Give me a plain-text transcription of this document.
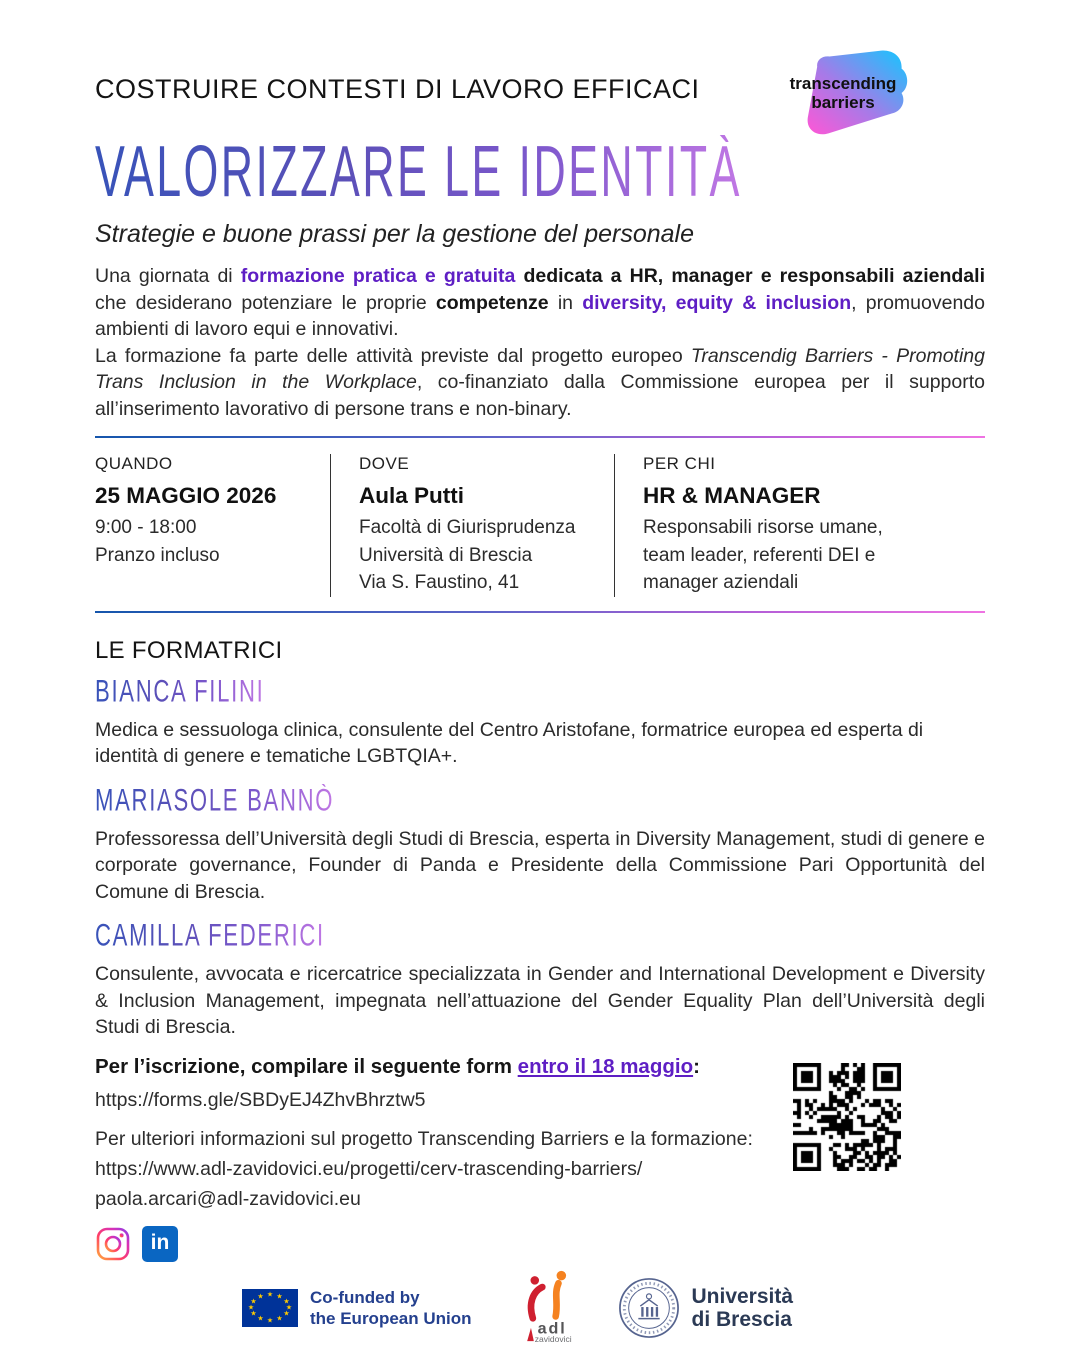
COSTRUIRE CONTESTI DI LAVORO EFFICACI	transcending
barriers
VALORIZZARE LE IDENTITÀ
Strategie e buone prassi per la gestione del personale

Una giornata di formazione pratica e gratuita dedicata a HR, manager e responsabili aziendali che desiderano potenziare le proprie competenze in diversity, equity & inclusion, promuovendo ambienti di lavoro equi e innovativi.

La formazione fa parte delle attività previste dal progetto europeo Transcendig Barriers - Promoting Trans Inclusion in the Workplace, co-finanziato dalla Commissione europea per il supporto all’inserimento lavorativo di persone trans e non-binary.

QUANDO
25 MAGGIO 2026
9:00 - 18:00
Pranzo incluso
DOVE
Aula Putti
Facoltà di Giurisprudenza
Università di Brescia
Via S. Faustino, 41
PER CHI
HR & MANAGER
Responsabili risorse umane,
team leader, referenti DEI e
manager aziendali
LE FORMATRICI
BIANCA FILINI

Medica e sessuologa clinica, consulente del Centro Aristofane, formatrice europea ed esperta di identità di genere e tematiche LGBTQIA+.

MARIASOLE BANNÒ

Professoressa dell’Università degli Studi di Brescia, esperta in Diversity Management, studi di genere e corporate governance, Founder di Panda e Presidente della Commissione Pari Opportunità del Comune di Brescia.

CAMILLA FEDERICI

Consulente, avvocata e ricercatrice specializzata in Gender and International Development e Diversity & Inclusion Management, impegnata nell’attuazione del Gender Equality Plan dell’Università degli Studi di Brescia.

Per l’iscrizione, compilare il seguente form entro il 18 maggio:
https://forms.gle/SBDyEJ4ZhvBhrztw5
Per ulteriori informazioni sul progetto Transcending Barriers e la formazione:
https://www.adl-zavidovici.eu/progetti/cerv-trascending-barriers/
paola.arcari@adl-zavidovici.eu
in
★ ★
★
★
★
★
★
★
★
★
★
★	Co-funded by
the European Union
adl
zavidovici
Università
di Brescia
